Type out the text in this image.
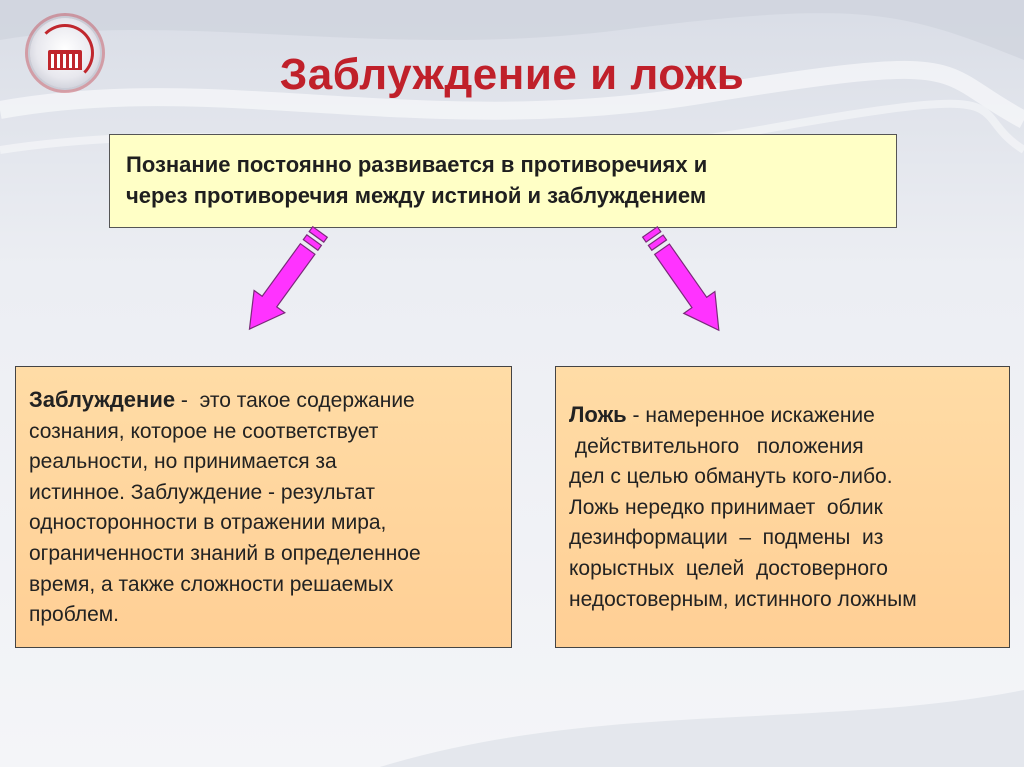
Заблуждение и ложь
Познание постоянно развивается в противоречиях и
через противоречия между истиной и заблуждением
Заблуждение -  это такое содержание
сознания, которое не соответствует
реальности, но принимается за
истинное. Заблуждение - результат
односторонности в отражении мира,
ограниченности знаний в определенное
время, а также сложности решаемых
проблем.
Ложь - намеренное искажение
действительного   положения
дел с целью обмануть кого-либо.
Ложь нередко принимает  облик
дезинформации  –  подмены  из
корыстных  целей  достоверного
недостоверным, истинного ложным
